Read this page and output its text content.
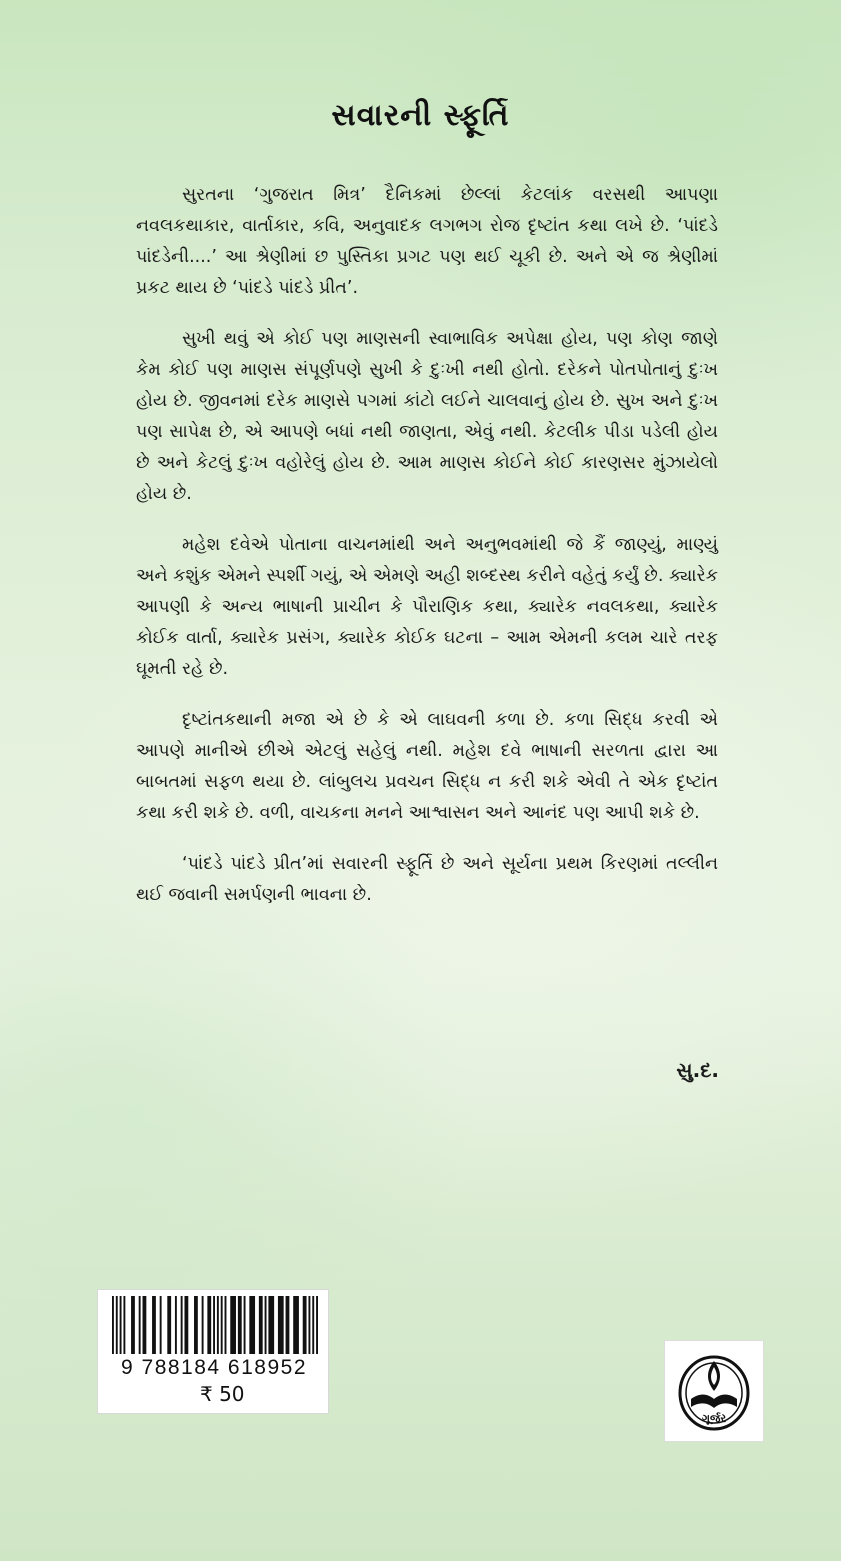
સવારની સ્ફૂર્તિ

સુરતના ‘ગુજરાત મિત્ર’ દૈનિકમાં છેલ્લાં કેટલાંક વરસથી આપણા નવલકથાકાર, વાર્તાકાર, કવિ, અનુવાદક લગભગ રોજ દૃષ્ટાંત કથા લખે છે. ‘પાંદડે પાંદડેની....’ આ શ્રેણીમાં છ પુસ્તિકા પ્રગટ પણ થઈ ચૂકી છે. અને એ જ શ્રેણીમાં પ્રકટ થાય છે ‘પાંદડે પાંદડે પ્રીત’.

સુખી થવું એ કોઈ પણ માણસની સ્વાભાવિક અપેક્ષા હોય, પણ કોણ જાણે કેમ કોઈ પણ માણસ સંપૂર્ણપણે સુખી કે દુઃખી નથી હોતો. દરેકને પોતપોતાનું દુઃખ હોય છે. જીવનમાં દરેક માણસે પગમાં કાંટો લઈને ચાલવાનું હોય છે. સુખ અને દુઃખ પણ સાપેક્ષ છે, એ આપણે બધાં નથી જાણતા, એવું નથી. કેટલીક પીડા પડેલી હોય છે અને કેટલું દુઃખ વહોરેલું હોય છે. આમ માણસ કોઈને કોઈ કારણસર મુંઝાયેલો હોય છે.

મહેશ દવેએ પોતાના વાચનમાંથી અને અનુભવમાંથી જે કૈં જાણ્યું, માણ્યું અને કશુંક એમને સ્પર્શી ગયું, એ એમણે અહી શબ્દસ્થ કરીને વહેતું કર્યું છે. ક્યારેક આપણી કે અન્ય ભાષાની પ્રાચીન કે પૌરાણિક કથા, ક્યારેક નવલકથા, ક્યારેક કોઈક વાર્તા, ક્યારેક પ્રસંગ, ક્યારેક કોઈક ઘટના – આમ એમની કલમ ચારે તરફ ઘૂમતી રહે છે.

દૃષ્ટાંતકથાની મજા એ છે કે એ લાઘવની કળા છે. કળા સિદ્ધ કરવી એ આપણે માનીએ છીએ એટલું સહેલું નથી. મહેશ દવે ભાષાની સરળતા દ્વારા આ બાબતમાં સફળ થયા છે. લાંબુલચ પ્રવચન સિદ્ધ ન કરી શકે એવી તે એક દૃષ્ટાંત કથા કરી શકે છે. વળી, વાચકના મનને આશ્વાસન અને આનંદ પણ આપી શકે છે.

‘પાંદડે પાંદડે પ્રીત’માં સવારની સ્ફૂર્તિ છે અને સૂર્યના પ્રથમ કિરણમાં તલ્લીન થઈ જવાની સમર્પણની ભાવના છે.

સુ.દ.
9 788184 618952
₹ 50
ગૂર્જર
